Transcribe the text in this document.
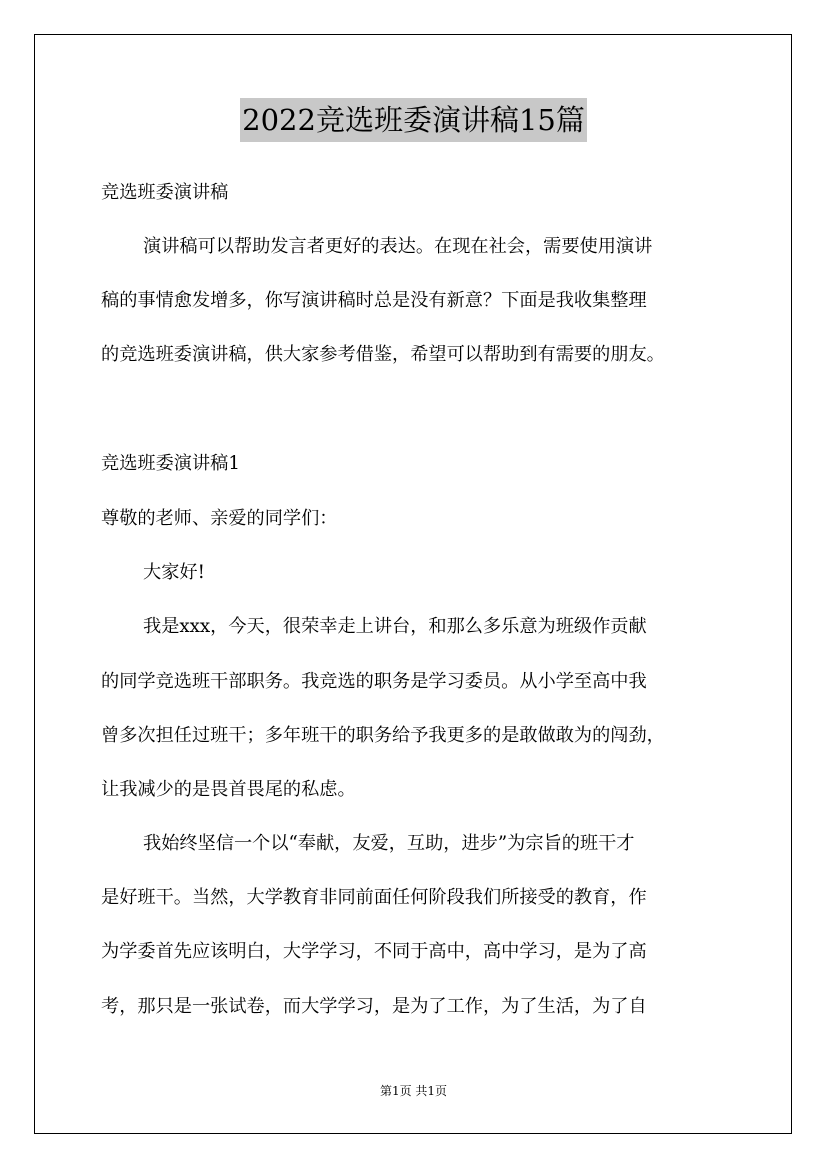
2022竞选班委演讲稿15篇
竞选班委演讲稿
演讲稿可以帮助发言者更好的表达。在现在社会，需要使用演讲
稿的事情愈发增多，你写演讲稿时总是没有新意？下面是我收集整理
的竞选班委演讲稿，供大家参考借鉴，希望可以帮助到有需要的朋友。
竞选班委演讲稿1
尊敬的老师、亲爱的同学们：
大家好!
我是xxx，今天，很荣幸走上讲台，和那么多乐意为班级作贡献
的同学竞选班干部职务。我竞选的职务是学习委员。从小学至高中我
曾多次担任过班干；多年班干的职务给予我更多的是敢做敢为的闯劲，
让我减少的是畏首畏尾的私虑。
我始终坚信一个以“奉献，友爱，互助，进步”为宗旨的班干才
是好班干。当然，大学教育非同前面任何阶段我们所接受的教育，作
为学委首先应该明白，大学学习，不同于高中，高中学习，是为了高
考，那只是一张试卷，而大学学习，是为了工作，为了生活，为了自
第1页 共1页
